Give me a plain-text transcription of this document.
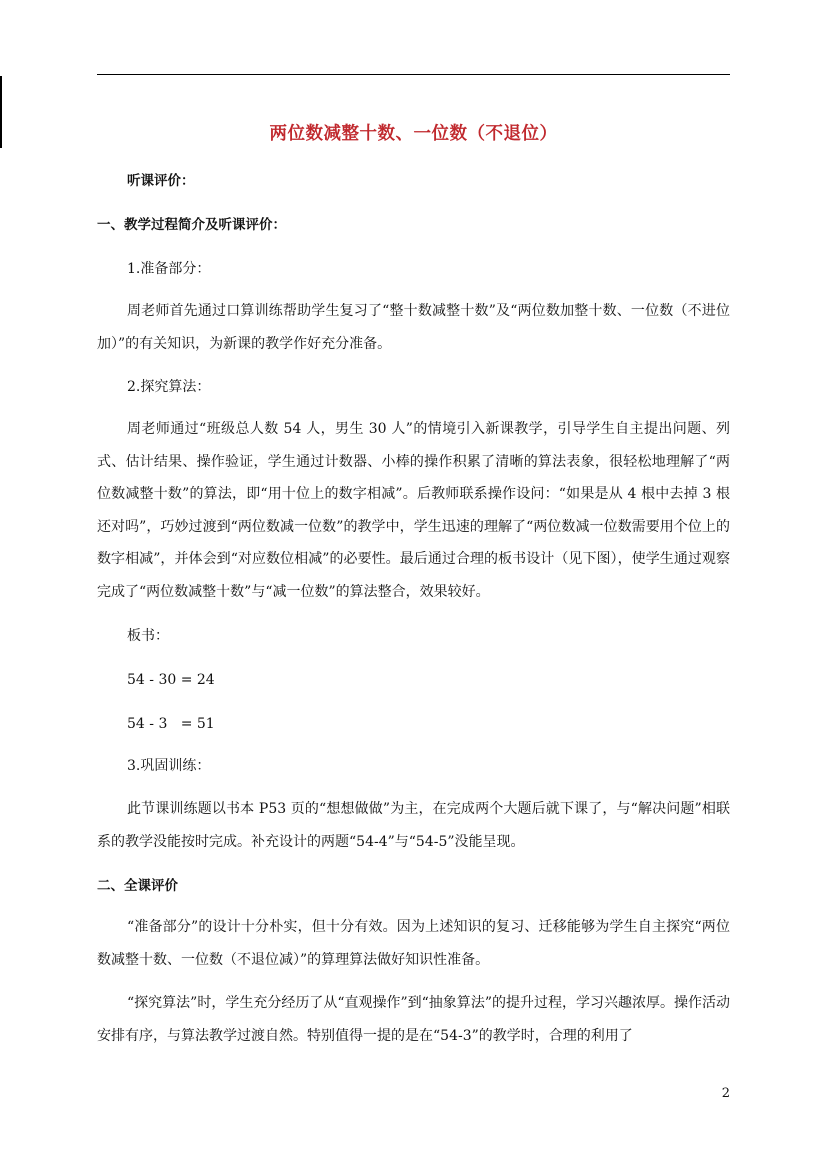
两位数减整十数、一位数（不退位）

听课评价：

一、教学过程简介及听课评价：

1.准备部分：

周老师首先通过口算训练帮助学生复习了“整十数减整十数”及“两位数加整十数、一位数（不进位加）”的有关知识，为新课的教学作好充分准备。

2.探究算法：

周老师通过“班级总人数 54 人，男生 30 人”的情境引入新课教学，引导学生自主提出问题、列式、估计结果、操作验证，学生通过计数器、小棒的操作积累了清晰的算法表象，很轻松地理解了“两位数减整十数”的算法，即“用十位上的数字相减”。后教师联系操作设问：“如果是从 4 根中去掉 3 根还对吗”，巧妙过渡到“两位数减一位数”的教学中，学生迅速的理解了“两位数减一位数需要用个位上的数字相减”，并体会到“对应数位相减”的必要性。最后通过合理的板书设计（见下图），使学生通过观察完成了“两位数减整十数”与“减一位数”的算法整合，效果较好。

板书：

54 - 30 = 24
54 - 3   = 51

3.巩固训练：

此节课训练题以书本 P53 页的“想想做做”为主，在完成两个大题后就下课了，与“解决问题”相联系的教学没能按时完成。补充设计的两题“54-4”与“54-5”没能呈现。

二、全课评价

“准备部分”的设计十分朴实，但十分有效。因为上述知识的复习、迁移能够为学生自主探究“两位数减整十数、一位数（不退位减）”的算理算法做好知识性准备。

“探究算法”时，学生充分经历了从“直观操作”到“抽象算法”的提升过程，学习兴趣浓厚。操作活动安排有序，与算法教学过渡自然。特别值得一提的是在“54-3”的教学时，合理的利用了

2
